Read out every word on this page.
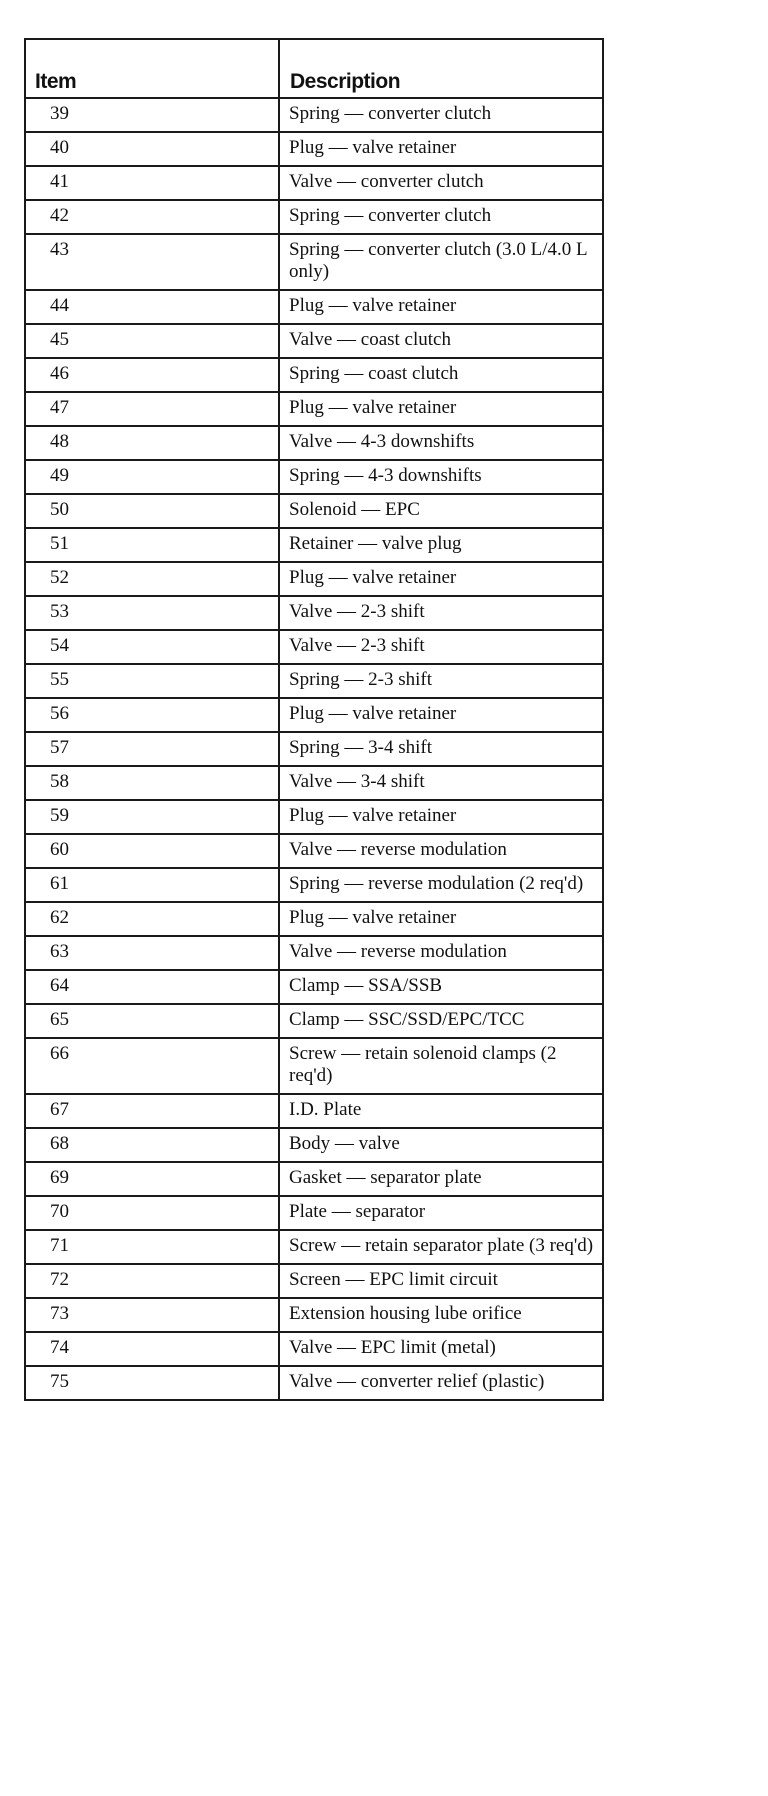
Item	Description
39	Spring — converter clutch
40	Plug — valve retainer
41	Valve — converter clutch
42	Spring — converter clutch
43	Spring — converter clutch (3.0 L/4.0 L only)
44	Plug — valve retainer
45	Valve — coast clutch
46	Spring — coast clutch
47	Plug — valve retainer
48	Valve — 4-3 downshifts
49	Spring — 4-3 downshifts
50	Solenoid — EPC
51	Retainer — valve plug
52	Plug — valve retainer
53	Valve — 2-3 shift
54	Valve — 2-3 shift
55	Spring — 2-3 shift
56	Plug — valve retainer
57	Spring — 3-4 shift
58	Valve — 3-4 shift
59	Plug — valve retainer
60	Valve — reverse modulation
61	Spring — reverse modulation (2 req'd)
62	Plug — valve retainer
63	Valve — reverse modulation
64	Clamp — SSA/SSB
65	Clamp — SSC/SSD/EPC/TCC
66	Screw — retain solenoid clamps (2 req'd)
67	I.D. Plate
68	Body — valve
69	Gasket — separator plate
70	Plate — separator
71	Screw — retain separator plate (3 req'd)
72	Screen — EPC limit circuit
73	Extension housing lube orifice
74	Valve — EPC limit (metal)
75	Valve — converter relief (plastic)
